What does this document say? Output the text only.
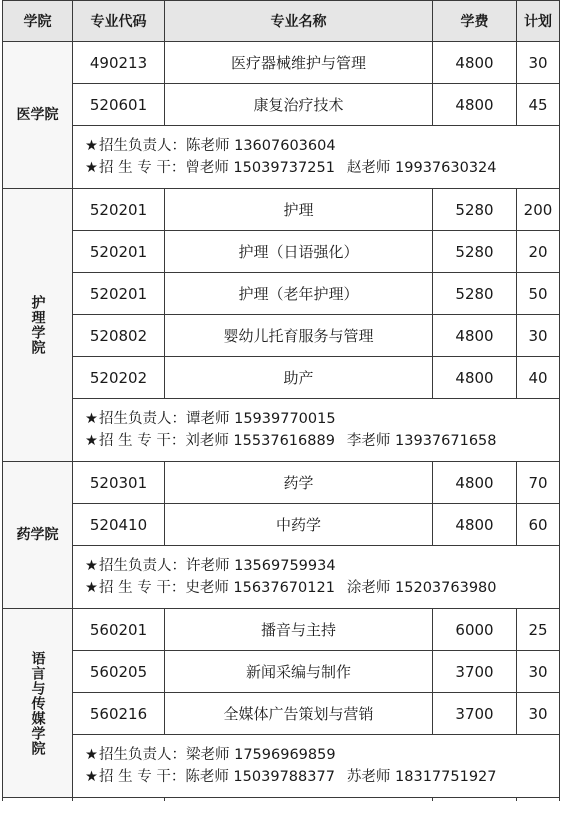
学院	专业代码	专业名称	学费	计划
医学院	490213	医疗器械维护与管理	4800	30
	520601	康复治疗技术	4800	45

	★招生负责人：陈老师 13607603604
★招 生 专 干：曾老师 15039737251 赵老师 19937630324			

护理学院	520201	护理	5280	200
	520201	护理（日语强化）	5280	20
	520201	护理（老年护理）	5280	50
	520802	婴幼儿托育服务与管理	4800	30
	520202	助产	4800	40

	★招生负责人：谭老师 15939770015
★招 生 专 干：刘老师 15537616889 李老师 13937671658			

药学院	520301	药学	4800	70
	520410	中药学	4800	60

	★招生负责人：许老师 13569759934
★招 生 专 干：史老师 15637670121 涂老师 15203763980			

语言与传媒学院	560201	播音与主持	6000	25
	560205	新闻采编与制作	3700	30
	560216	全媒体广告策划与营销	3700	30

	★招生负责人：梁老师 17596969859
★招 生 专 干：陈老师 15039788377 苏老师 18317751927			
